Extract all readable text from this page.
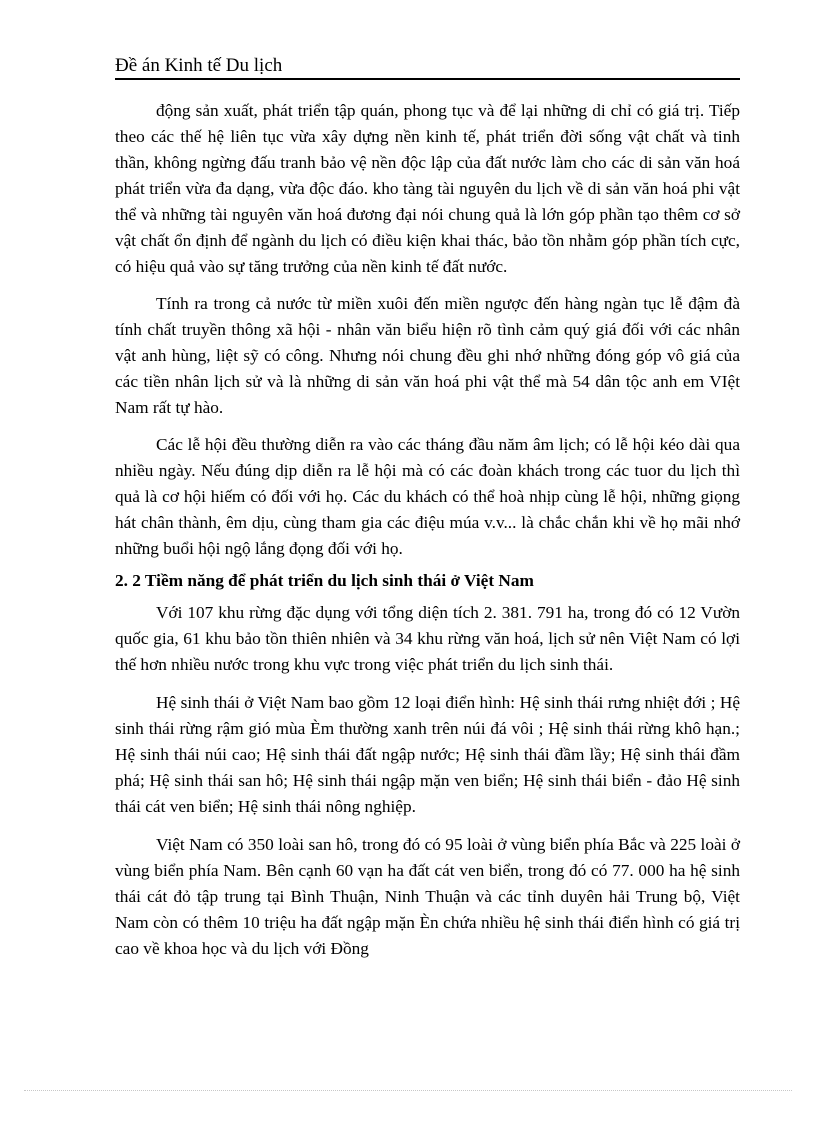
Đề án Kinh tế Du lịch

động sản xuất, phát triển tập quán, phong tục và để lại những di chỉ có giá trị. Tiếp theo các thế hệ liên tục vừa xây dựng nền kinh tế, phát triển đời sống vật chất và tinh thần, không ngừng đấu tranh bảo vệ nền độc lập của đất nước làm cho các di sản văn hoá phát triển vừa đa dạng, vừa độc đáo. kho tàng tài nguyên du lịch về di sản văn hoá phi vật thể và những tài nguyên văn hoá đương đại nói chung quả là lớn góp phần tạo thêm cơ sở vật chất ổn định để ngành du lịch có điều kiện khai thác, bảo tồn nhằm góp phần tích cực, có hiệu quả vào sự tăng trưởng của nền kinh tế đất nước.

Tính ra trong cả nước từ miền xuôi đến miền ngược đến hàng ngàn tục lễ đậm đà tính chất truyền thông xã hội - nhân văn biểu hiện rõ tình cảm quý giá đối với các nhân vật anh hùng, liệt sỹ có công. Nhưng nói chung đều ghi nhớ những đóng góp vô giá của các tiền nhân lịch sử và là những di sản văn hoá phi vật thể mà 54 dân tộc anh em VIệt Nam rất tự hào.

Các lễ hội đều thường diễn ra vào các tháng đầu năm âm lịch; có lễ hội kéo dài qua nhiều ngày. Nếu đúng dịp diễn ra lễ hội mà có các đoàn khách trong các tuor du lịch thì quả là cơ hội hiếm có đối với họ. Các du khách có thể hoà nhịp cùng lễ hội, những giọng hát chân thành, êm dịu, cùng tham gia các điệu múa v.v... là chắc chắn khi về họ mãi nhớ những buổi hội ngộ lắng đọng đối với họ.

2. 2 Tiềm năng để phát triển du lịch sinh thái ở Việt Nam

Với 107 khu rừng đặc dụng với tổng diện tích 2. 381. 791 ha, trong đó có 12 Vườn quốc gia, 61 khu bảo tồn thiên nhiên và 34 khu rừng văn hoá, lịch sử nên Việt Nam có lợi thế hơn nhiều nước trong khu vực trong việc phát triển du lịch sinh thái.

Hệ sinh thái ở Việt Nam bao gồm 12 loại điển hình: Hệ sinh thái rưng nhiệt đới ; Hệ sinh thái rừng rậm gió mùa Èm thường xanh trên núi đá vôi ; Hệ sinh thái rừng khô hạn.; Hệ sinh thái núi cao; Hệ sinh thái đất ngập nước; Hệ sinh thái đầm lầy; Hệ sinh thái đầm phá; Hệ sinh thái san hô; Hệ sinh thái ngập mặn ven biển; Hệ sinh thái biển - đảo Hệ sinh thái cát ven biển; Hệ sinh thái nông nghiệp.

Việt Nam có 350 loài san hô, trong đó có 95 loài ở vùng biển phía Bắc và 225 loài ở vùng biển phía Nam. Bên cạnh 60 vạn ha đất cát ven biển, trong đó có 77. 000 ha hệ sinh thái cát đỏ tập trung tại Bình Thuận, Ninh Thuận và các tỉnh duyên hải Trung bộ, Việt Nam còn có thêm 10 triệu ha đất ngập mặn Èn chứa nhiều hệ sinh thái điển hình có giá trị cao về khoa học và du lịch với Đồng
